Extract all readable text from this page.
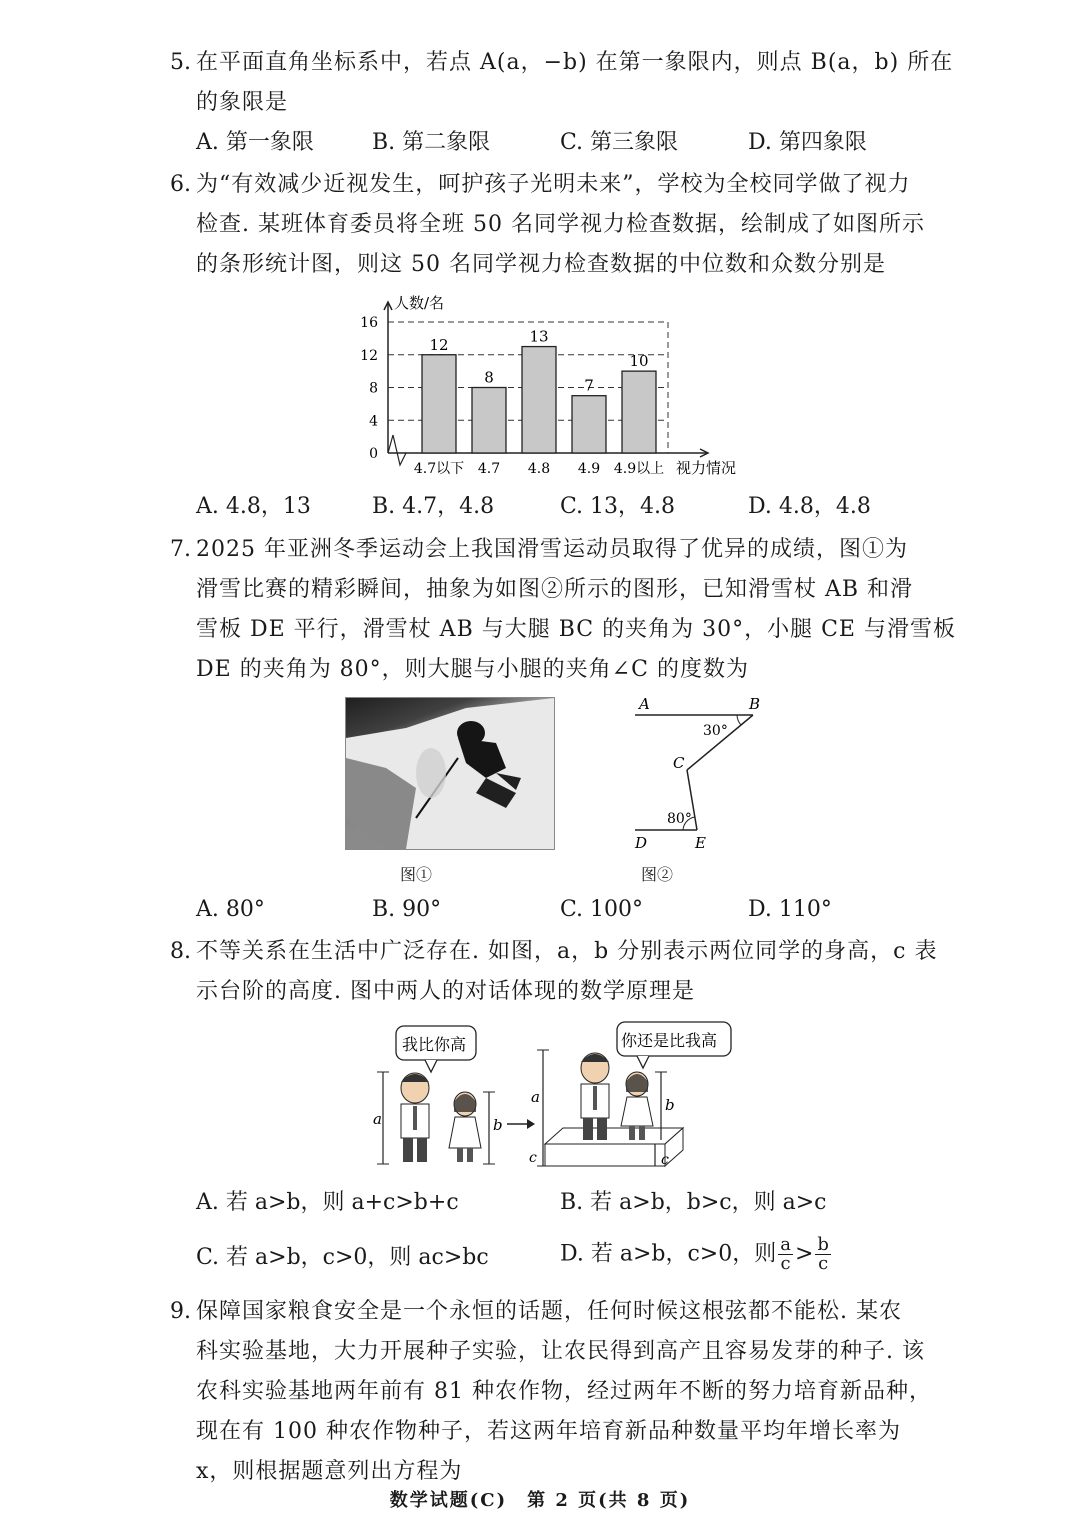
5. 在平面直角坐标系中，若点 A(a，−b) 在第一象限内，则点 B(a，b) 所在
的象限是
A. 第一象限	B. 第二象限	C. 第三象限	D. 第四象限
6. 为“有效减少近视发生，呵护孩子光明未来”，学校为全校同学做了视力
检查. 某班体育委员将全班 50 名同学视力检查数据，绘制成了如图所示
的条形统计图，则这 50 名同学视力检查数据的中位数和众数分别是
0
4
8
12
16
人数/名
12
4.7以下
8
4.7
13
4.8
7
4.9
10
4.9以上 视力情况
A. 4.8，13	B. 4.7，4.8	C. 13，4.8	D. 4.8，4.8
7. 2025 年亚洲冬季运动会上我国滑雪运动员取得了优异的成绩，图①为
滑雪比赛的精彩瞬间，抽象为如图②所示的图形，已知滑雪杖 AB 和滑
雪板 DE 平行，滑雪杖 AB 与大腿 BC 的夹角为 30°，小腿 CE 与滑雪板
DE 的夹角为 80°，则大腿与小腿的夹角∠C 的度数为
图①
A	B
C
D	E
30°
80°
图②
A. 80°	B. 90°	C. 100°	D. 110°
8. 不等关系在生活中广泛存在. 如图，a，b 分别表示两位同学的身高，c 表
示台阶的高度. 图中两人的对话体现的数学原理是
我比你高
a	b
你还是比我高
a
c
b
c
A. 若 a>b，则 a+c>b+c	B. 若 a>b，b>c，则 a>c
C. 若 a>b，c>0，则 ac>bc	D. 若 a>b，c>0，则 $\frac{a}{c} > \frac{b}{c}$
9. 保障国家粮食安全是一个永恒的话题，任何时候这根弦都不能松. 某农
科实验基地，大力开展种子实验，让农民得到高产且容易发芽的种子. 该
农科实验基地两年前有 81 种农作物，经过两年不断的努力培育新品种，
现在有 100 种农作物种子，若这两年培育新品种数量平均年增长率为
x，则根据题意列出方程为
数学试题(C)　第 2 页(共 8 页)
